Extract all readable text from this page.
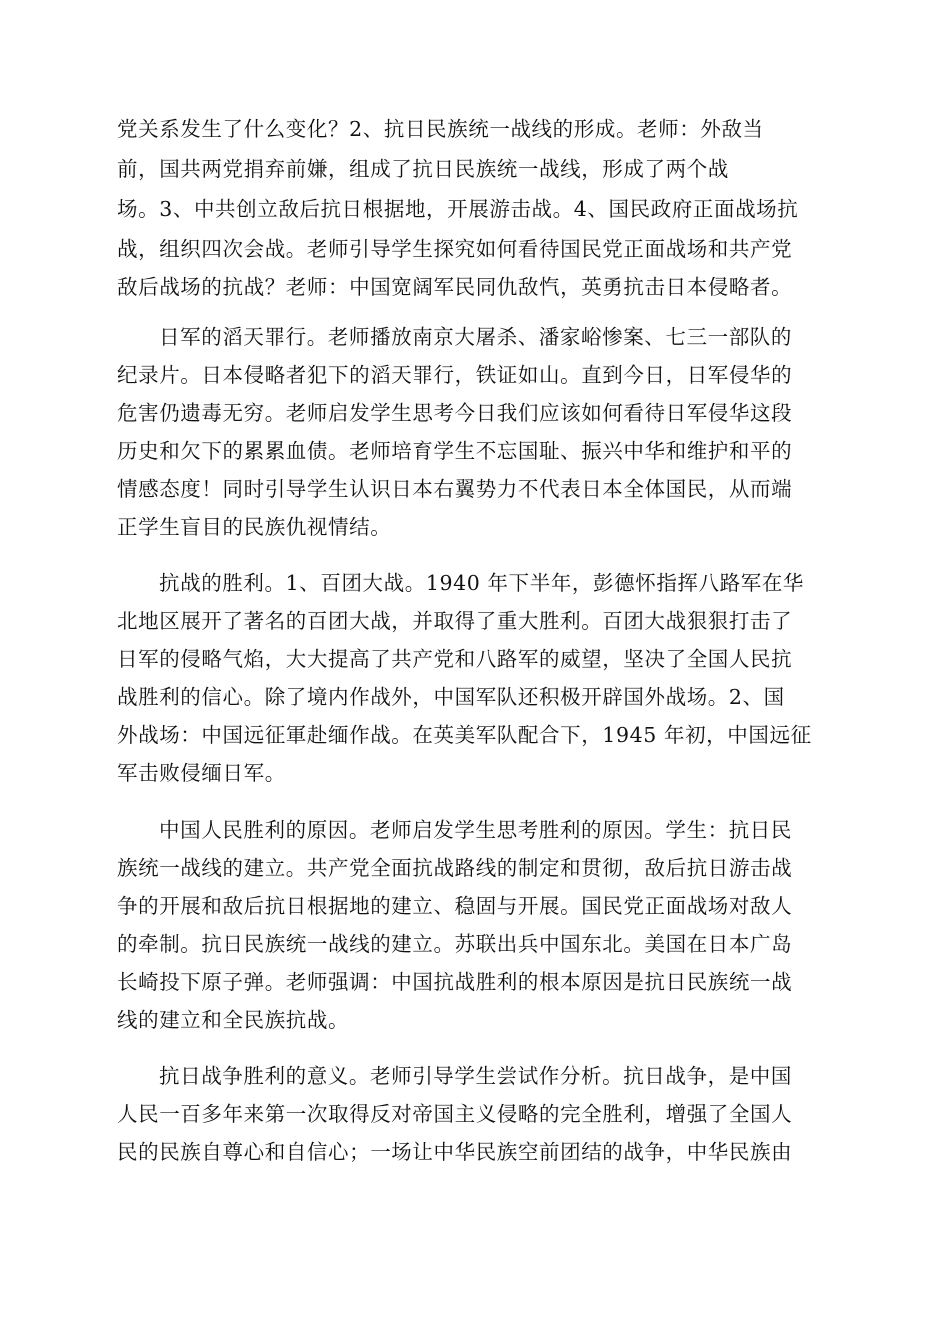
党关系发生了什么变化？2、抗日民族统一战线的形成。老师：外敌当
前，国共两党捐弃前嫌，组成了抗日民族统一战线，形成了两个战
场。3、中共创立敌后抗日根据地，开展游击战。4、国民政府正面战场抗
战，组织四次会战。老师引导学生探究如何看待国民党正面战场和共产党
敌后战场的抗战？老师：中国宽阔军民同仇敌忾，英勇抗击日本侵略者。
日军的滔天罪行。老师播放南京大屠杀、潘家峪惨案、七三一部队的
纪录片。日本侵略者犯下的滔天罪行，铁证如山。直到今日，日军侵华的
危害仍遗毒无穷。老师启发学生思考今日我们应该如何看待日军侵华这段
历史和欠下的累累血债。老师培育学生不忘国耻、振兴中华和维护和平的
情感态度！同时引导学生认识日本右翼势力不代表日本全体国民，从而端
正学生盲目的民族仇视情结。
抗战的胜利。1、百团大战。1940 年下半年，彭德怀指挥八路军在华
北地区展开了著名的百团大战，并取得了重大胜利。百团大战狠狠打击了
日军的侵略气焰，大大提高了共产党和八路军的威望，坚决了全国人民抗
战胜利的信心。除了境内作战外，中国军队还积极开辟国外战场。2、国
外战场：中国远征軍赴缅作战。在英美军队配合下，1945 年初，中国远征
军击败侵缅日军。
中国人民胜利的原因。老师启发学生思考胜利的原因。学生：抗日民
族统一战线的建立。共产党全面抗战路线的制定和贯彻，敌后抗日游击战
争的开展和敌后抗日根据地的建立、稳固与开展。国民党正面战场对敌人
的牵制。抗日民族统一战线的建立。苏联出兵中国东北。美国在日本广岛
长崎投下原子弹。老师强调：中国抗战胜利的根本原因是抗日民族统一战
线的建立和全民族抗战。
抗日战争胜利的意义。老师引导学生尝试作分析。抗日战争，是中国
人民一百多年来第一次取得反对帝国主义侵略的完全胜利，增强了全国人
民的民族自尊心和自信心；一场让中华民族空前团结的战争，中华民族由
